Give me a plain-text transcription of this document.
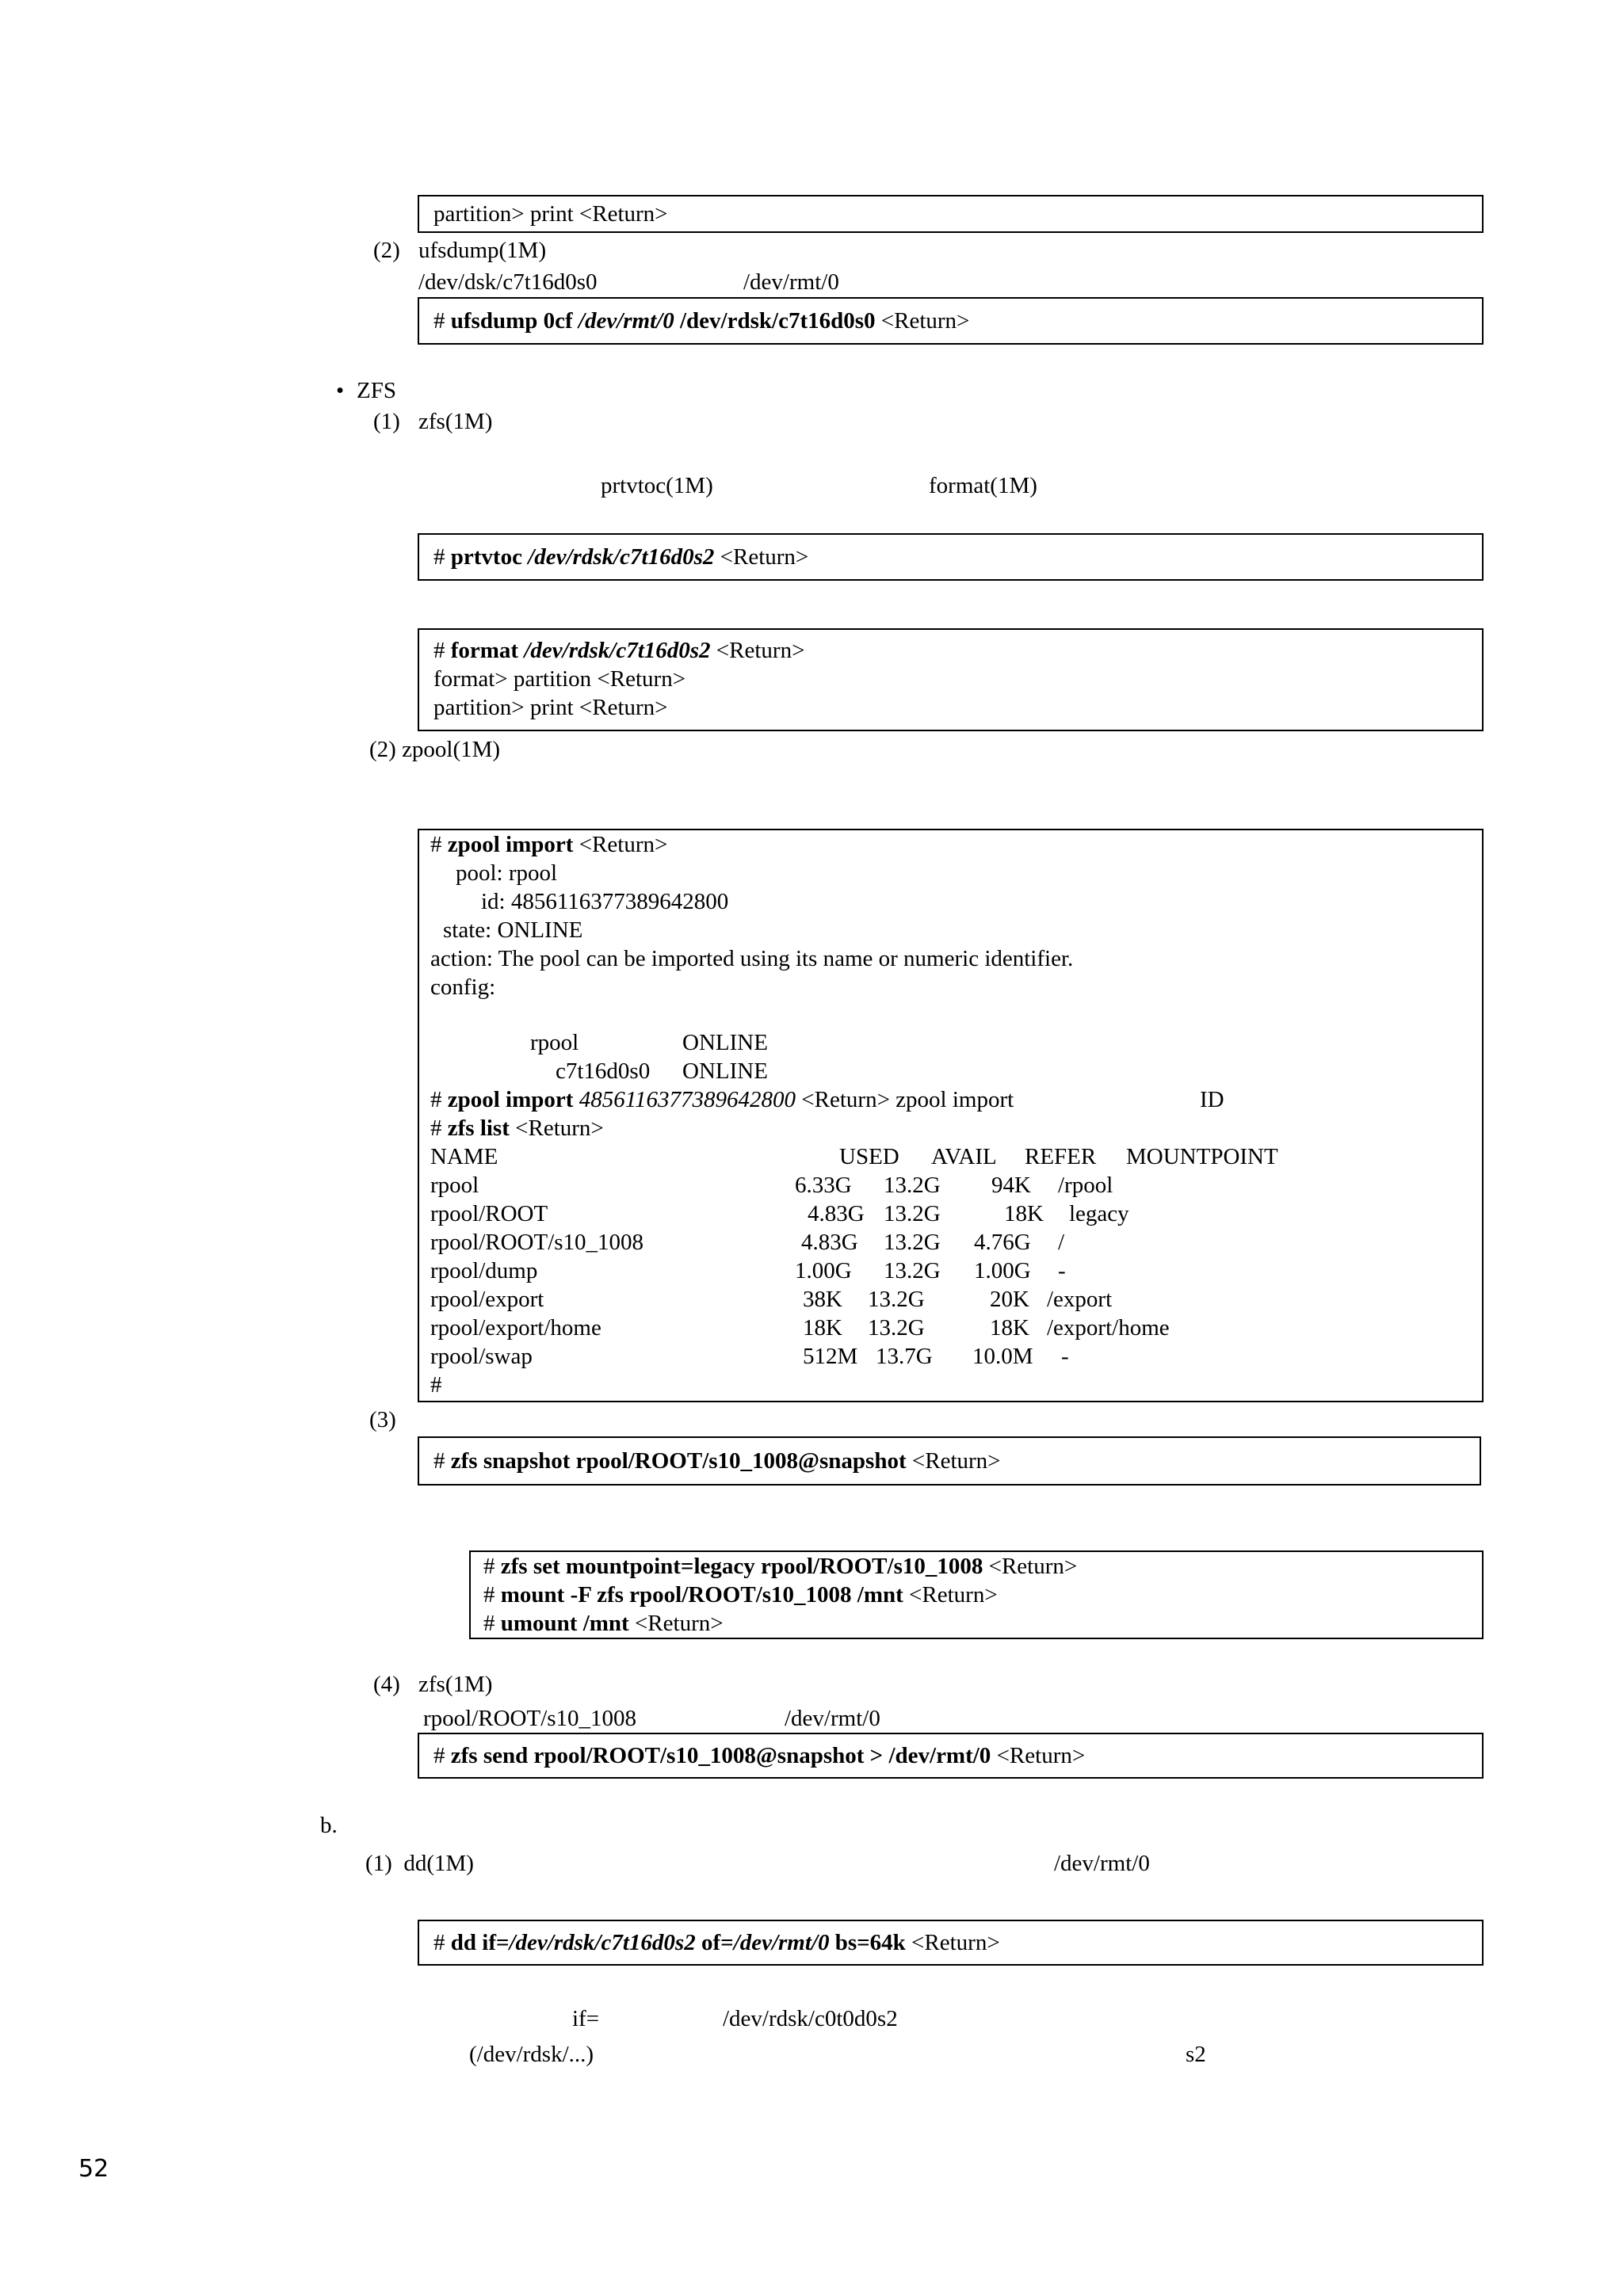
partition> print <Return>
(2) ufsdump(1M)
/dev/dsk/c7t16d0s0	/dev/rmt/0
# ufsdump 0cf /dev/rmt/0 /dev/rdsk/c7t16d0s0 <Return>
• ZFS
(1) zfs(1M)
prtvtoc(1M)	format(1M)
# prtvtoc /dev/rdsk/c7t16d0s2 <Return>
# format /dev/rdsk/c7t16d0s2 <Return>
format> partition <Return>
partition> print <Return>
(2) zpool(1M)
# zpool import <Return>
pool: rpool
id: 4856116377389642800
state: ONLINE
action: The pool can be imported using its name or numeric identifier.
config:
rpool	ONLINE
c7t16d0s0 ONLINE
# zpool import 4856116377389642800 <Return> zpool import	ID
# zfs list <Return>
NAME	USED AVAIL REFER MOUNTPOINT
rpool	6.33G 13.2G 94K /rpool
rpool/ROOT	4.83G 13.2G	18K legacy
rpool/ROOT/s10_1008	4.83G 13.2G 4.76G /
rpool/dump	1.00G 13.2G 1.00G -
rpool/export	38K 13.2G	20K /export
rpool/export/home	18K 13.2G	18K /export/home
rpool/swap	512M 13.7G 10.0M -
#
(3)
# zfs snapshot rpool/ROOT/s10_1008@snapshot <Return>
# zfs set mountpoint=legacy rpool/ROOT/s10_1008 <Return>
# mount -F zfs rpool/ROOT/s10_1008 /mnt <Return>
# umount /mnt <Return>
(4) zfs(1M)
rpool/ROOT/s10_1008	/dev/rmt/0
# zfs send rpool/ROOT/s10_1008@snapshot > /dev/rmt/0 <Return>
b.
(1)  dd(1M)	/dev/rmt/0
# dd if=/dev/rdsk/c7t16d0s2 of=/dev/rmt/0 bs=64k <Return>
if=	/dev/rdsk/c0t0d0s2
(/dev/rdsk/...)	s2
52
